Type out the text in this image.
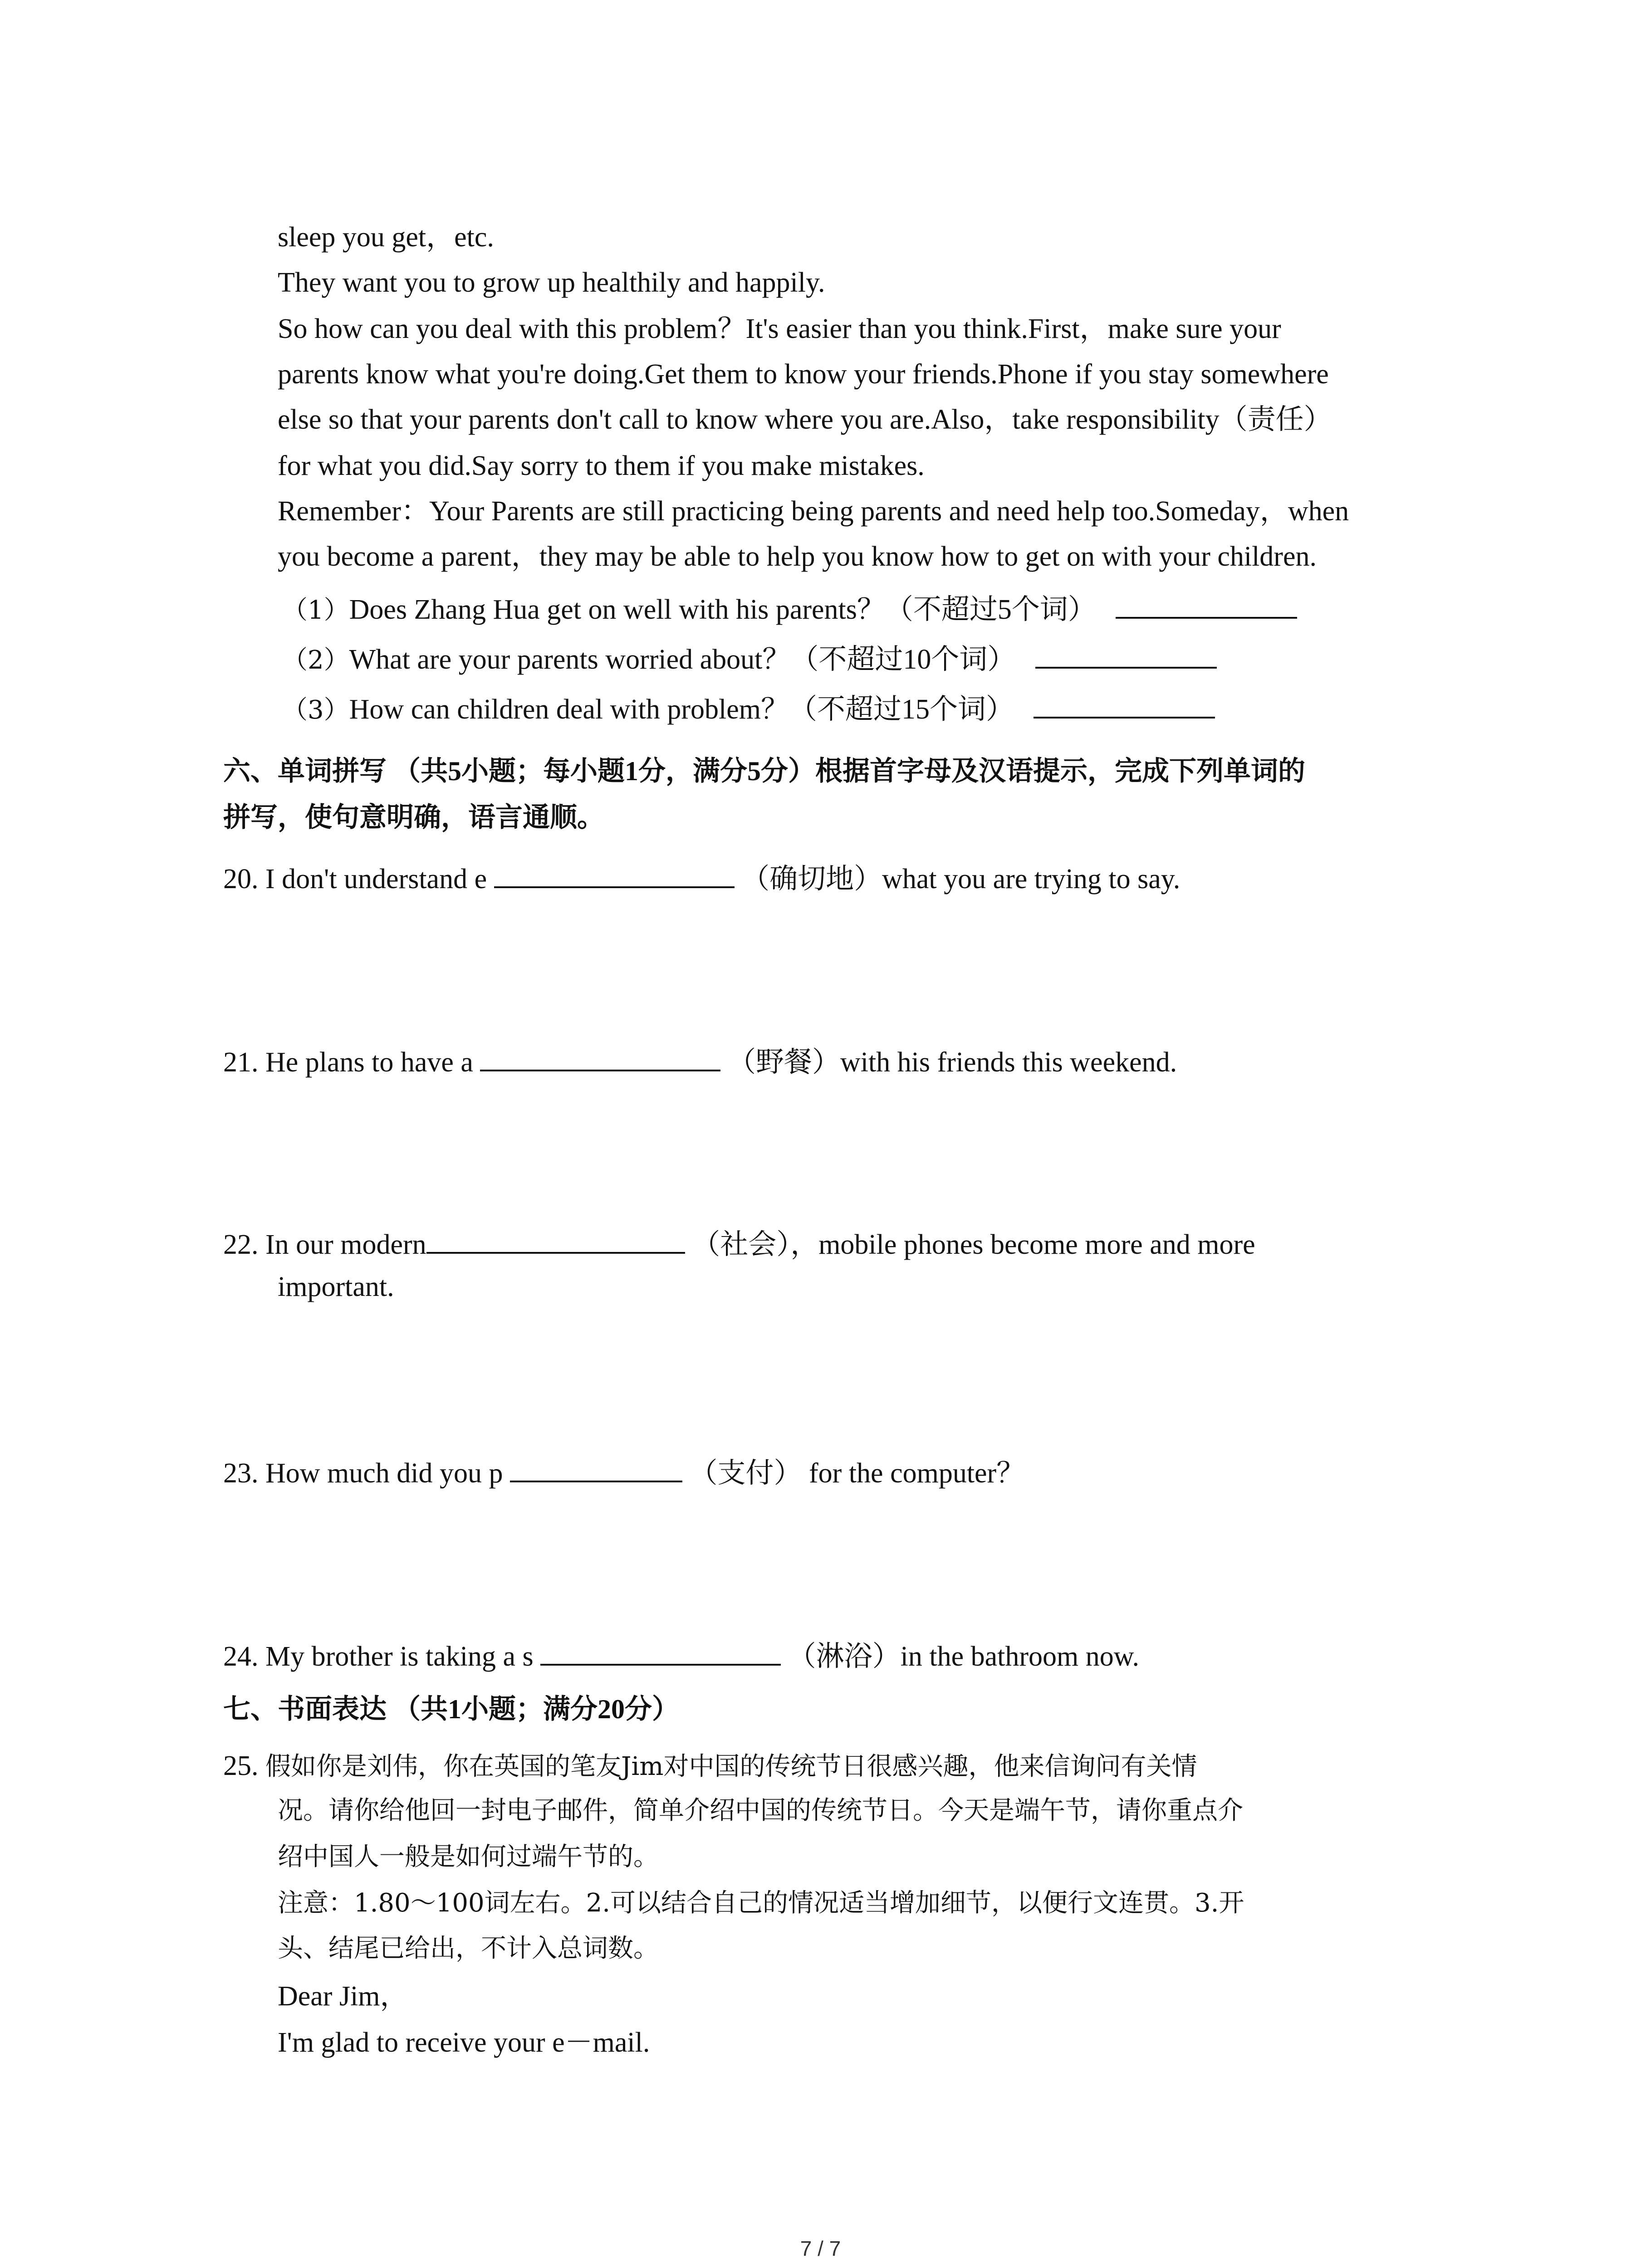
sleep you get，etc.
They want you to grow up healthily and happily.
So how can you deal with this problem？It's easier than you think.First，make sure your
parents know what you're doing.Get them to know your friends.Phone if you stay somewhere
else so that your parents don't call to know where you are.Also，take responsibility（责任）
for what you did.Say sorry to them if you make mistakes.
Remember：Your Parents are still practicing being parents and need help too.Someday，when
you become a parent，they may be able to help you know how to get on with your children.
（1）Does Zhang Hua get on well with his parents？（不超过5个词）
（2）What are your parents worried about？（不超过10个词）
（3）How can children deal with problem？（不超过15个词）
六、单词拼写 （共5小题；每小题1分，满分5分）根据首字母及汉语提示，完成下列单词的
拼写，使句意明确，语言通顺。
20. I don't understand e	（确切地）what you are trying to say.
21. He plans to have a	（野餐）with his friends this weekend.
22. In our modern	（社会），mobile phones become more and more
important.
23. How much did you p	（支付） for the computer？
24. My brother is taking a s	（淋浴）in the bathroom now.
七、书面表达 （共1小题；满分20分）
25. 假如你是刘伟，你在英国的笔友Jim对中国的传统节日很感兴趣，他来信询问有关情
况。请你给他回一封电子邮件，简单介绍中国的传统节日。今天是端午节，请你重点介
绍中国人一般是如何过端午节的。
注意：1.80～100词左右。2.可以结合自己的情况适当增加细节，以便行文连贯。3.开
头、结尾已给出，不计入总词数。
Dear Jim，
I'm glad to receive your e－mail.
7 / 7
